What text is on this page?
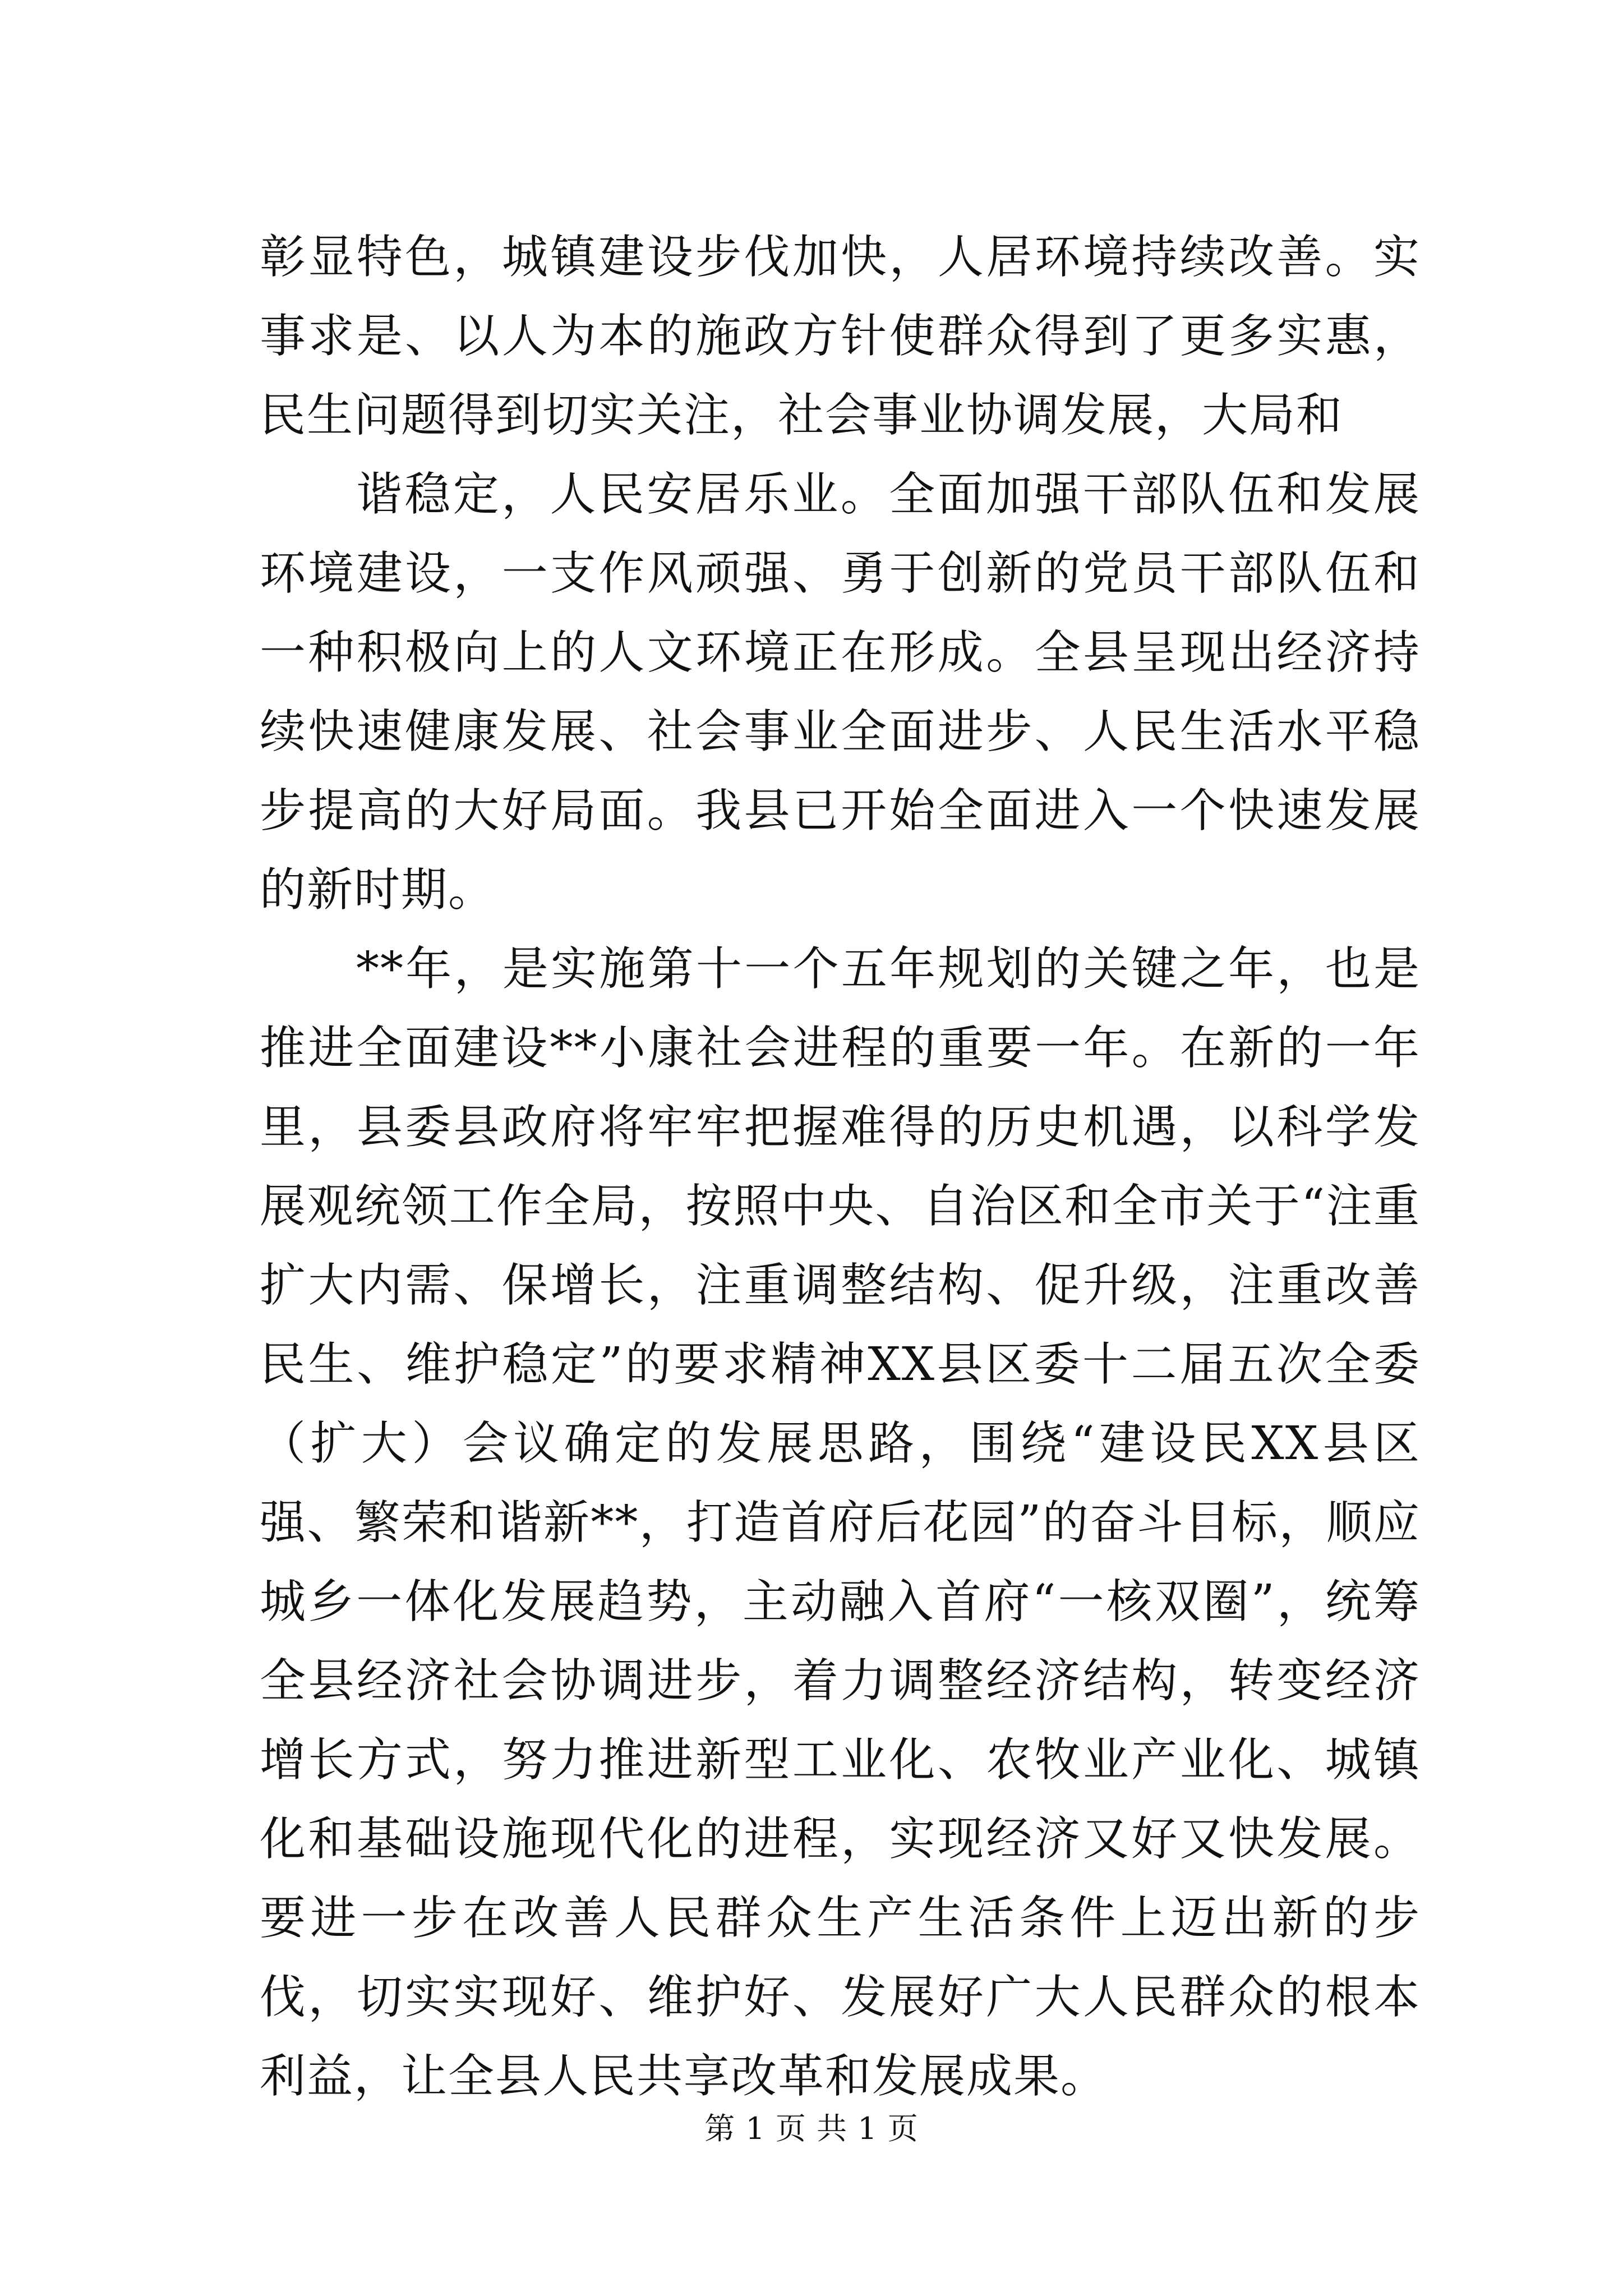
彰显特色，城镇建设步伐加快，人居环境持续改善。实事求是、以人为本的施政方针使群众得到了更多实惠，民生问题得到切实关注，社会事业协调发展，大局和

谐稳定，人民安居乐业。全面加强干部队伍和发展环境建设，一支作风顽强、勇于创新的党员干部队伍和一种积极向上的人文环境正在形成。全县呈现出经济持续快速健康发展、社会事业全面进步、人民生活水平稳步提高的大好局面。我县已开始全面进入一个快速发展的新时期。

**年，是实施第十一个五年规划的关键之年，也是推进全面建设**小康社会进程的重要一年。在新的一年里，县委县政府将牢牢把握难得的历史机遇，以科学发展观统领工作全局，按照中央、自治区和全市关于“注重扩大内需、保增长，注重调整结构、促升级，注重改善民生、维护稳定”的要求精神XX县区委十二届五次全委（扩大）会议确定的发展思路，围绕“建设民XX县区强、繁荣和谐新**，打造首府后花园”的奋斗目标，顺应城乡一体化发展趋势，主动融入首府“一核双圈”，统筹全县经济社会协调进步，着力调整经济结构，转变经济增长方式，努力推进新型工业化、农牧业产业化、城镇化和基础设施现代化的进程，实现经济又好又快发展。要进一步在改善人民群众生产生活条件上迈出新的步伐，切实实现好、维护好、发展好广大人民群众的根本利益，让全县人民共享改革和发展成果。

第 1 页 共 1 页
